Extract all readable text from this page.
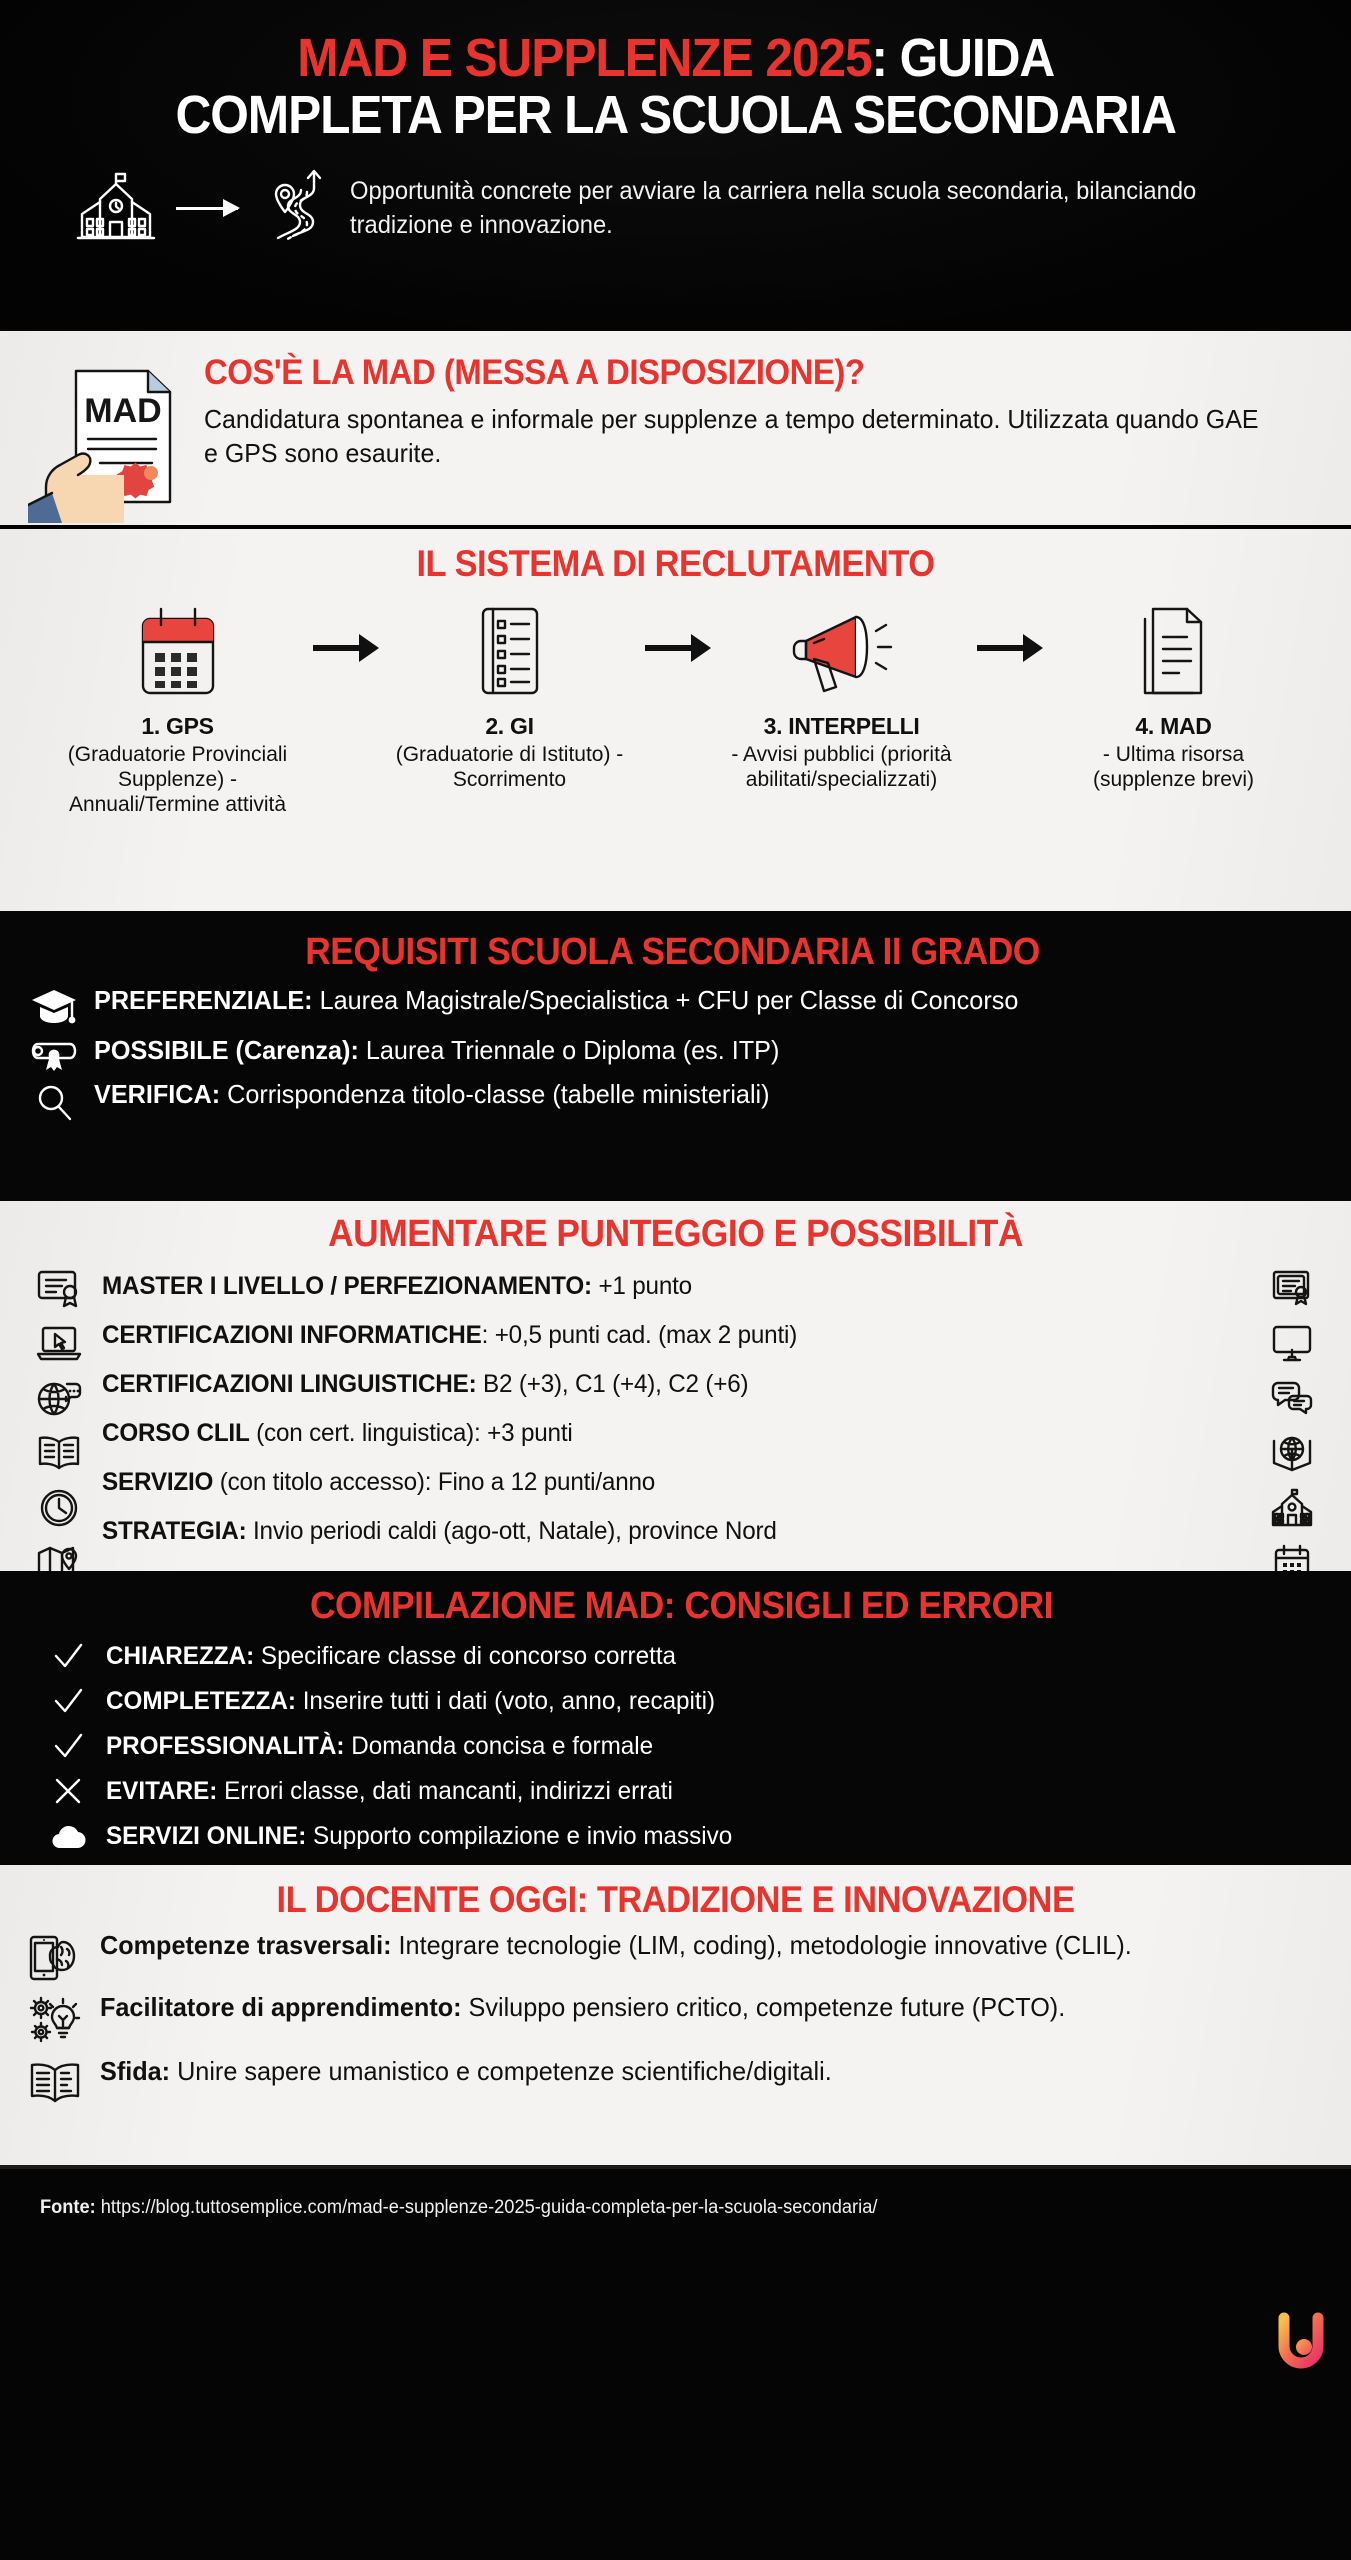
MAD E SUPPLENZE 2025: GUIDA
COMPLETA PER LA SCUOLA SECONDARIA

Opportunità concrete per avviare la carriera nella scuola secondaria, bilanciando tradizione e innovazione.

MAD
COS'È LA MAD (MESSA A DISPOSIZIONE)?

Candidatura spontanea e informale per supplenze a tempo determinato. Utilizzata quando GAE e GPS sono esaurite.

IL SISTEMA DI RECLUTAMENTO
1. GPS
(Graduatorie Provinciali Supplenze) - Annuali/Termine attività
2. GI
(Graduatorie di Istituto) - Scorrimento
3. INTERPELLI
- Avvisi pubblici (priorità abilitati/specializzati)
4. MAD
- Ultima risorsa (supplenze brevi)
REQUISITI SCUOLA SECONDARIA II GRADO
PREFERENZIALE: Laurea Magistrale/Specialistica + CFU per Classe di Concorso
POSSIBILE (Carenza): Laurea Triennale o Diploma (es. ITP)
VERIFICA: Corrispondenza titolo-classe (tabelle ministeriali)
AUMENTARE PUNTEGGIO E POSSIBILITÀ
MASTER I LIVELLO / PERFEZIONAMENTO: +1 punto
CERTIFICAZIONI INFORMATICHE: +0,5 punti cad. (max 2 punti)
CERTIFICAZIONI LINGUISTICHE: B2 (+3), C1 (+4), C2 (+6)
CORSO CLIL (con cert. linguistica): +3 punti
SERVIZIO (con titolo accesso): Fino a 12 punti/anno
STRATEGIA: Invio periodi caldi (ago-ott, Natale), province Nord
COMPILAZIONE MAD: CONSIGLI ED ERRORI
CHIAREZZA: Specificare classe di concorso corretta
COMPLETEZZA: Inserire tutti i dati (voto, anno, recapiti)
PROFESSIONALITÀ: Domanda concisa e formale
EVITARE: Errori classe, dati mancanti, indirizzi errati
SERVIZI ONLINE: Supporto compilazione e invio massivo
IL DOCENTE OGGI: TRADIZIONE E INNOVAZIONE
Competenze trasversali: Integrare tecnologie (LIM, coding), metodologie innovative (CLIL).
Facilitatore di apprendimento: Sviluppo pensiero critico, competenze future (PCTO).
Sfida: Unire sapere umanistico e competenze scientifiche/digitali.
Fonte: https://blog.tuttosemplice.com/mad-e-supplenze-2025-guida-completa-per-la-scuola-secondaria/
